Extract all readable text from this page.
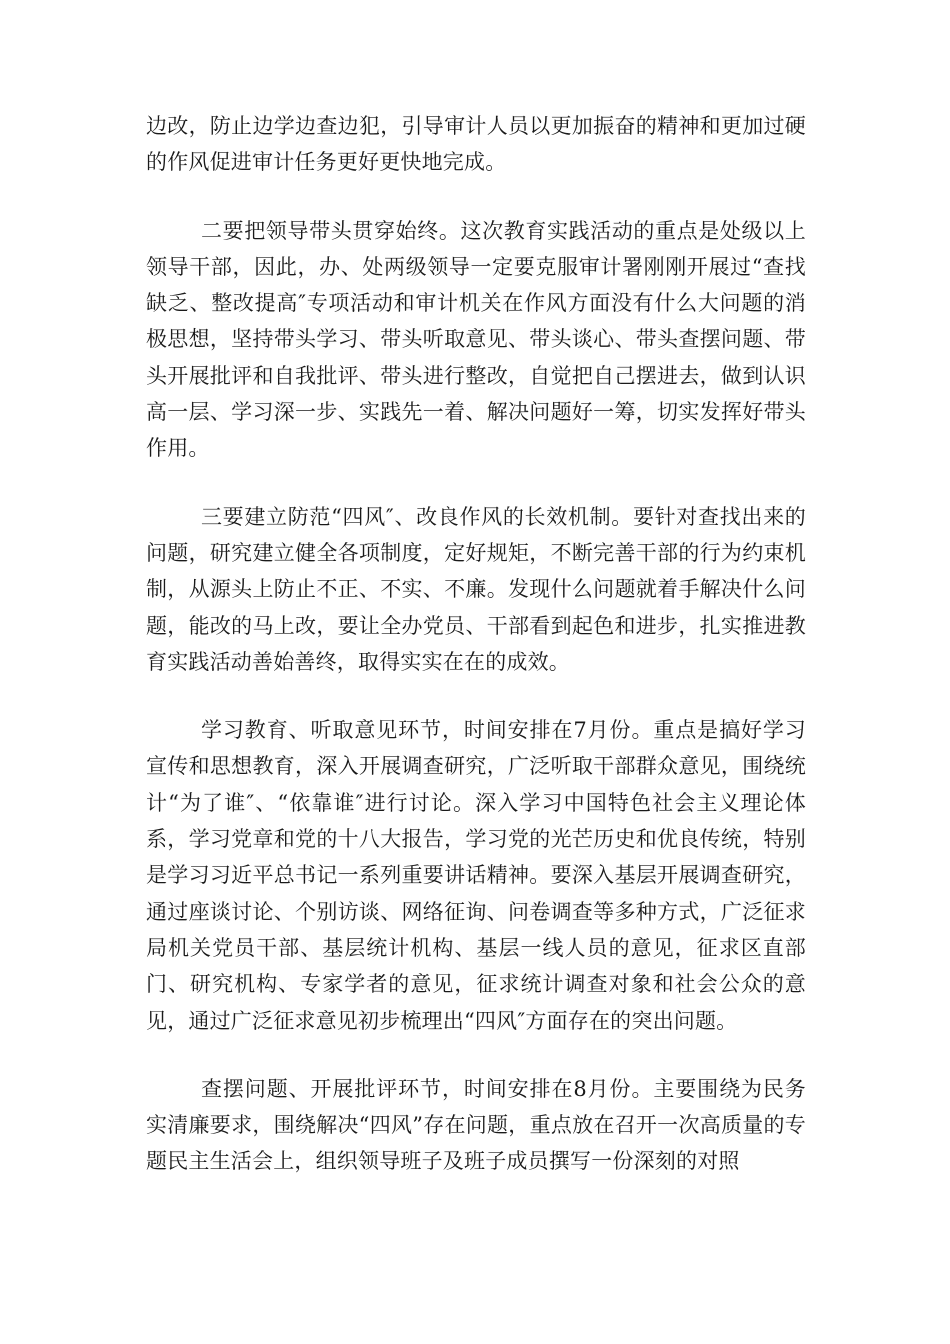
边改，防止边学边查边犯，引导审计人员以更加振奋的精神和更加过硬的作风促进审计任务更好更快地完成。

二要把领导带头贯穿始终。这次教育实践活动的重点是处级以上领导干部，因此，办、处两级领导一定要克服审计署刚刚开展过“查找缺乏、整改提高″专项活动和审计机关在作风方面没有什么大问题的消极思想，坚持带头学习、带头听取意见、带头谈心、带头查摆问题、带头开展批评和自我批评、带头进行整改，自觉把自己摆进去，做到认识高一层、学习深一步、实践先一着、解决问题好一筹，切实发挥好带头作用。

三要建立防范“四风″、改良作风的长效机制。要针对查找出来的问题，研究建立健全各项制度，定好规矩，不断完善干部的行为约束机制，从源头上防止不正、不实、不廉。发现什么问题就着手解决什么问题，能改的马上改，要让全办党员、干部看到起色和进步，扎实推进教育实践活动善始善终，取得实实在在的成效。

学习教育、听取意见环节，时间安排在7月份。重点是搞好学习宣传和思想教育，深入开展调查研究，广泛听取干部群众意见，围绕统计“为了谁″、“依靠谁″进行讨论。深入学习中国特色社会主义理论体系，学习党章和党的十八大报告，学习党的光芒历史和优良传统，特别是学习习近平总书记一系列重要讲话精神。要深入基层开展调查研究，通过座谈讨论、个别访谈、网络征询、问卷调查等多种方式，广泛征求局机关党员干部、基层统计机构、基层一线人员的意见，征求区直部门、研究机构、专家学者的意见，征求统计调查对象和社会公众的意见，通过广泛征求意见初步梳理出“四风″方面存在的突出问题。

查摆问题、开展批评环节，时间安排在8月份。主要围绕为民务实清廉要求，围绕解决“四风”存在问题，重点放在召开一次高质量的专题民主生活会上，组织领导班子及班子成员撰写一份深刻的对照
